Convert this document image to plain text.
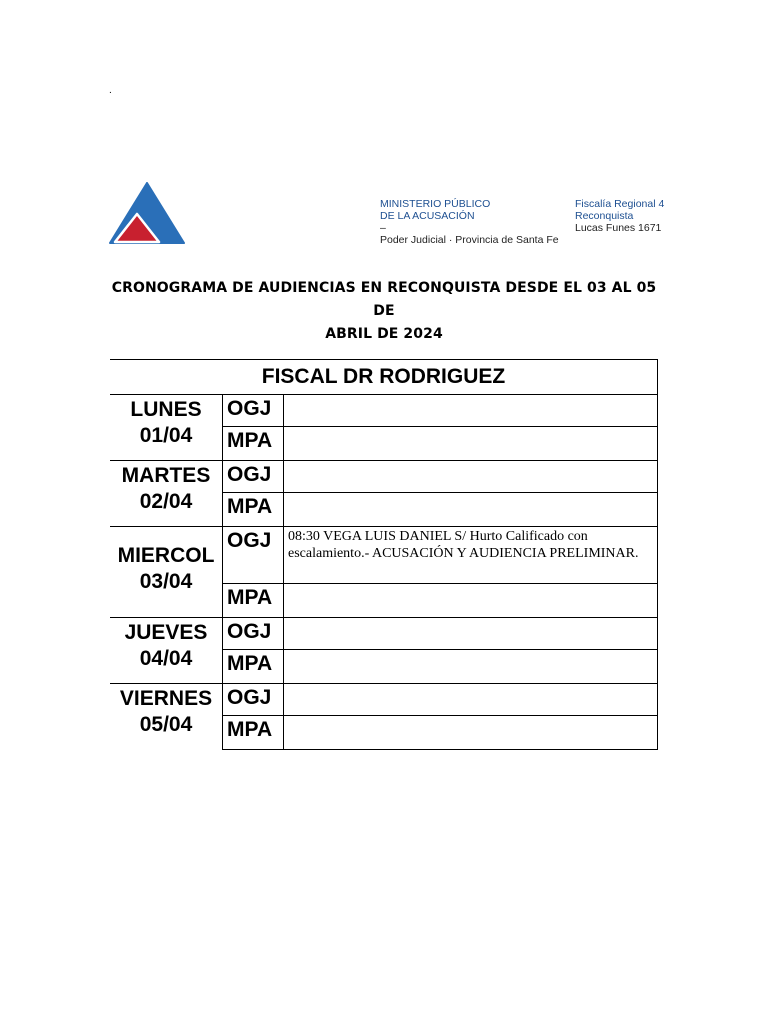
.
MINISTERIO PÚBLICO
DE LA ACUSACIÓN
–
Poder Judicial · Provincia de Santa Fe
Fiscalía Regional 4
Reconquista
Lucas Funes 1671
CRONOGRAMA DE AUDIENCIAS EN RECONQUISTA DESDE EL 03 AL 05 DE
ABRIL DE 2024
FISCAL DR RODRIGUEZ		

LUNES
01/04	OGJ	
	MPA	

MARTES
02/04	OGJ	
	MPA	

MIERCOL
03/04	OGJ	08:30 VEGA LUIS DANIEL S/ Hurto Calificado con escalamiento.- ACUSACIÓN Y AUDIENCIA PRELIMINAR.
	MPA	

JUEVES
04/04	OGJ	
	MPA	

VIERNES
05/04	OGJ	
	MPA	
